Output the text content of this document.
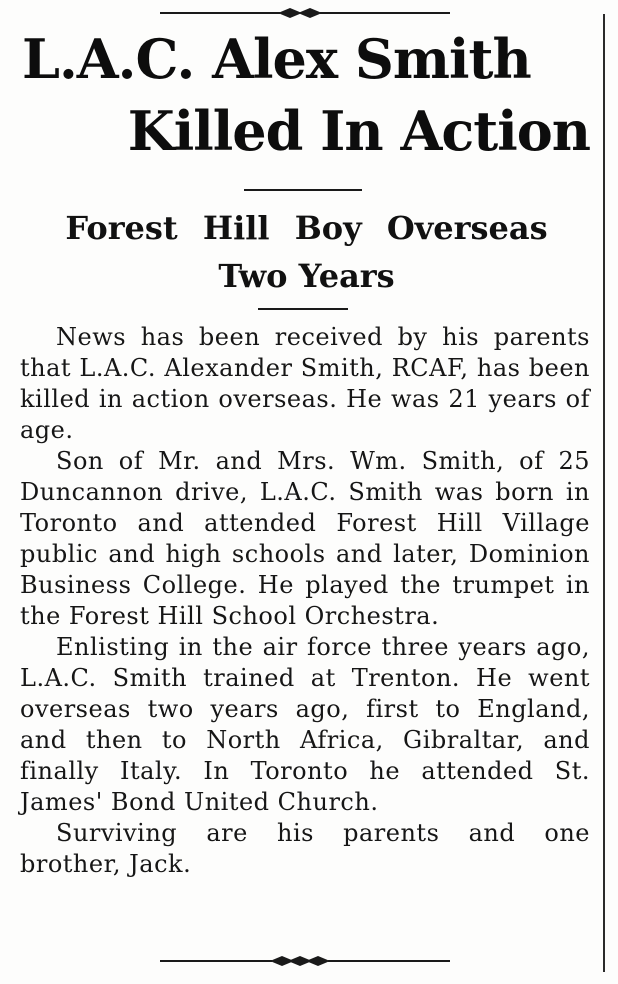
L.A.C. Alex Smith
Killed In Action
Forest Hill Boy Overseas
Two Years

News has been received by his parents that L.A.C. Alexander Smith, RCAF, has been killed in action overseas. He was 21 years of age.

Son of Mr. and Mrs. Wm. Smith, of 25 Duncannon drive, L.A.C. Smith was born in Toronto and attended Forest Hill Village public and high schools and later, Dominion Business College. He played the trumpet in the Forest Hill School Orchestra.

Enlisting in the air force three years ago, L.A.C. Smith trained at Trenton. He went overseas two years ago, first to England, and then to North Africa, Gibraltar, and finally Italy. In Toronto he attended St. James' Bond United Church.

Surviving are his parents and one brother, Jack.
